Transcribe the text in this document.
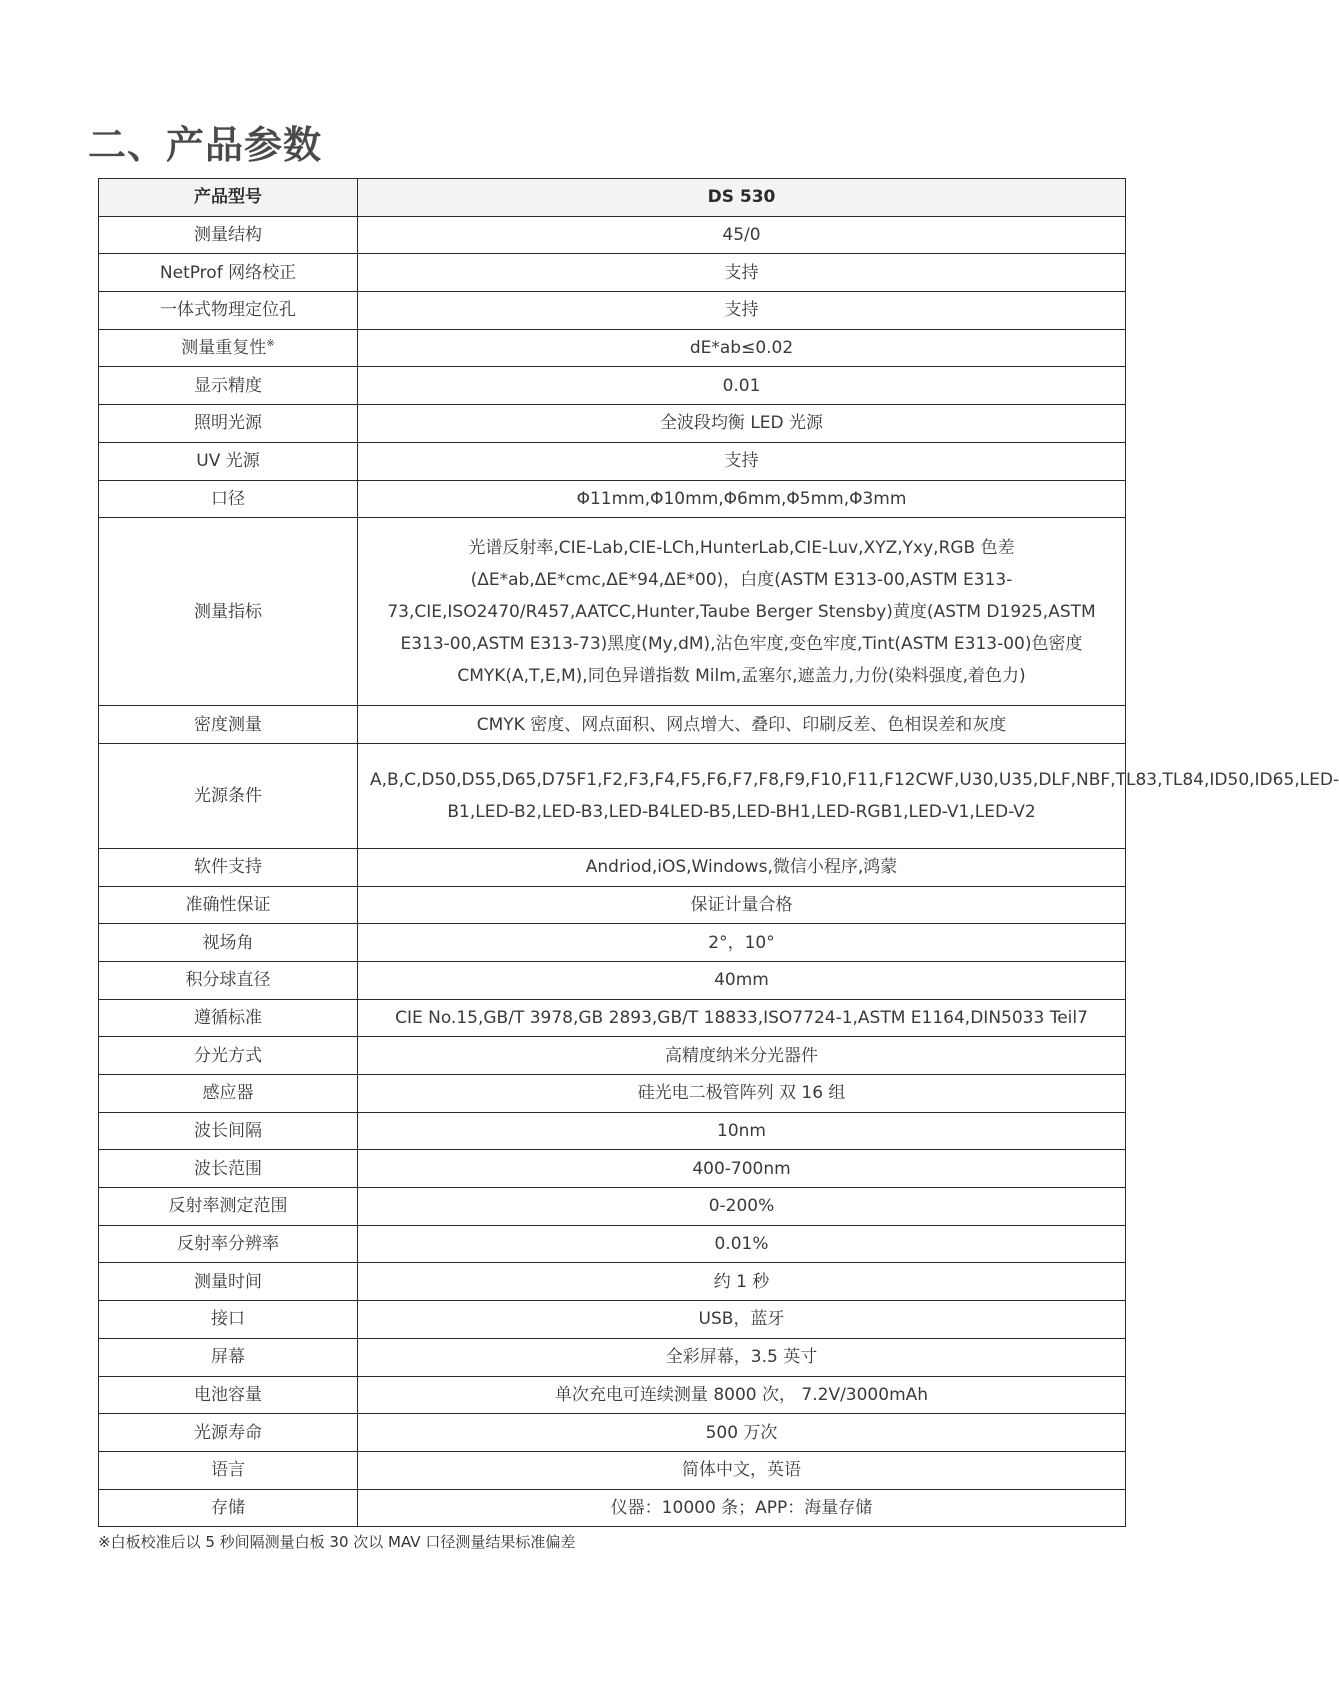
二、产品参数
产品型号	DS 530
测量结构	45/0
NetProf 网络校正	支持
一体式物理定位孔	支持
测量重复性※	dE*ab≤0.02
显示精度	0.01
照明光源	全波段均衡 LED 光源
UV 光源	支持
口径	Φ11mm,Φ10mm,Φ6mm,Φ5mm,Φ3mm
测量指标	光谱反射率,CIE-Lab,CIE-LCh,HunterLab,CIE-Luv,XYZ,Yxy,RGB 色差(ΔE*ab,ΔE*cmc,ΔE*94,ΔE*00)，白度(ASTM E313-00,ASTM E313-73,CIE,ISO2470/R457,AATCC,Hunter,Taube Berger Stensby)黄度(ASTM D1925,ASTM E313-00,ASTM E313-73)黑度(My,dM),沾色牢度,变色牢度,Tint(ASTM E313-00)色密度 CMYK(A,T,E,M),同色异谱指数 Milm,孟塞尔,遮盖力,力份(染料强度,着色力)
密度测量	CMYK 密度、网点面积、网点增大、叠印、印刷反差、色相误差和灰度
光源条件	A,B,C,D50,D55,D65,D75F1,F2,F3,F4,F5,F6,F7,F8,F9,F10,F11,F12CWF,U30,U35,DLF,NBF,TL83,TL84,ID50,ID65,LED-B1,LED-B2,LED-B3,LED-B4LED-B5,LED-BH1,LED-RGB1,LED-V1,LED-V2
软件支持	Andriod,iOS,Windows,微信小程序,鸿蒙
准确性保证	保证计量合格
视场角	2°，10°
积分球直径	40mm
遵循标准	CIE No.15,GB/T 3978,GB 2893,GB/T 18833,ISO7724-1,ASTM E1164,DIN5033 Teil7
分光方式	高精度纳米分光器件
感应器	硅光电二极管阵列 双 16 组
波长间隔	10nm
波长范围	400-700nm
反射率测定范围	0-200%
反射率分辨率	0.01%
测量时间	约 1 秒
接口	USB，蓝牙
屏幕	全彩屏幕，3.5 英寸
电池容量	单次充电可连续测量 8000 次， 7.2V/3000mAh
光源寿命	500 万次
语言	简体中文，英语
存储	仪器：10000 条；APP：海量存储

※白板校准后以 5 秒间隔测量白板 30 次以 MAV 口径测量结果标准偏差
